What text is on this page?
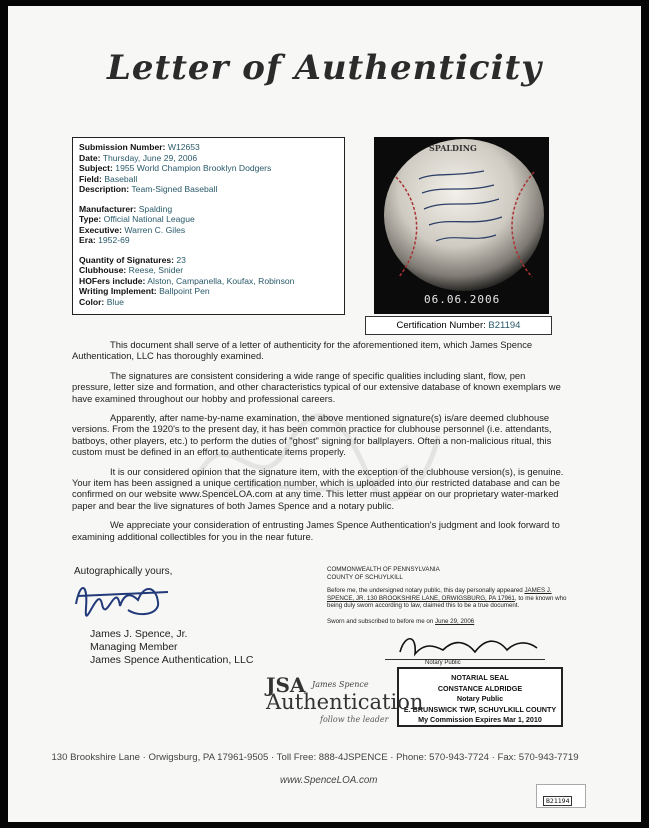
Letter of Authenticity
Submission Number: W12653
Date: Thursday, June 29, 2006
Subject: 1955 World Champion Brooklyn Dodgers
Field: Baseball
Description: Team-Signed Baseball
Manufacturer: Spalding
Type: Official National League
Executive: Warren C. Giles
Era: 1952-69
Quantity of Signatures: 23
Clubhouse: Reese, Snider
HOFers include: Alston, Campanella, Koufax, Robinson
Writing Implement: Ballpoint Pen
Color: Blue
SPALDING
06.06.2006
Certification Number: B21194

This document shall serve of a letter of authenticity for the aforementioned item, which James Spence Authentication, LLC has thoroughly examined.

The signatures are consistent considering a wide range of specific qualities including slant, flow, pen pressure, letter size and formation, and other characteristics typical of our extensive database of known exemplars we have examined throughout our hobby and professional careers.

Apparently, after name-by-name examination, the above mentioned signature(s) is/are deemed clubhouse versions. From the 1920's to the present day, it has been common practice for clubhouse personnel (i.e. attendants, batboys, other players, etc.) to perform the duties of "ghost" signing for ballplayers. Often a non-malicious ritual, this custom must be defined in an effort to authenticate items properly.

It is our considered opinion that the signature item, with the exception of the clubhouse version(s), is genuine. Your item has been assigned a unique certification number, which is uploaded into our restricted database and can be confirmed on our website www.SpenceLOA.com at any time. This letter must appear on our proprietary water-marked paper and bear the live signatures of both James Spence and a notary public.

We appreciate your consideration of entrusting James Spence Authentication's judgment and look forward to examining additional collectibles for you in the near future.

Autographically yours,
James J. Spence, Jr.
Managing Member
James Spence Authentication, LLC
COMMONWEALTH OF PENNSYLVANIA
COUNTY OF SCHUYLKILL
Before me, the undersigned notary public, this day personally appeared JAMES J. SPENCE, JR. 130 BROOKSHIRE LANE, ORWIGSBURG, PA 17961, to me known who being duly sworn according to law, claimed this to be a true document.
Sworn and subscribed to before me on June 29, 2006
Notary Public
NOTARIAL SEAL
CONSTANCE ALDRIDGE
Notary Public
E. BRUNSWICK TWP, SCHUYLKILL COUNTY
My Commission Expires Mar 1, 2010
JSA James Spence
Authentication
follow the leader
130 Brookshire Lane · Orwigsburg, PA 17961-9505 · Toll Free: 888-4JSPENCE · Phone: 570-943-7724 · Fax: 570-943-7719
www.SpenceLOA.com
B21194
